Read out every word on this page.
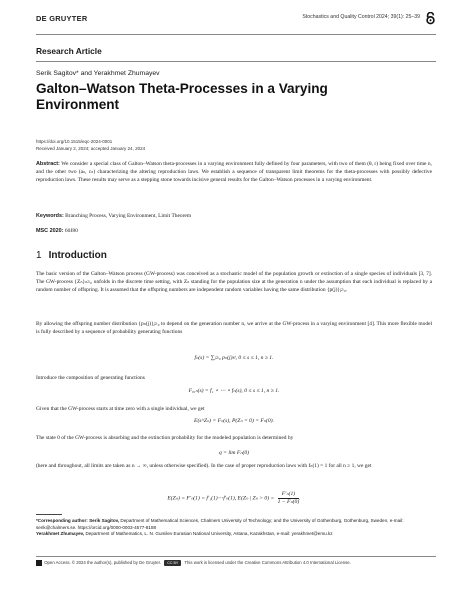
DE GRUYTER	Stochastics and Quality Control 2024; 39(1): 25–39
Research Article
Serik Sagitov* and Yerakhmet Zhumayev
Galton–Watson Theta-Processes in a Varying
Environment
https://doi.org/10.1515/eqc-2024-0001
Received January 2, 2024; accepted January 24, 2024
Abstract: We consider a special class of Galton–Watson theta-processes in a varying environment fully defined by four parameters, with two of them (θ, r) being fixed over time n, and the other two (aₙ, cₙ) characterizing the altering reproduction laws. We establish a sequence of transparent limit theorems for the theta-processes with possibly defective reproduction laws. These results may serve as a stepping stone towards incisive general results for the Galton–Watson processes in a varying environment.
Keywords: Branching Process, Varying Environment, Limit Theorem
MSC 2020: 60J80
1 Introduction
The basic version of the Galton–Watson process (GW-process) was conceived as a stochastic model of the population growth or extinction of a single species of individuals [3, 7]. The GW-process {Zₙ}ₙ≥₀ unfolds in the discrete time setting, with Zₙ standing for the population size at the generation n under the assumption that each individual is replaced by a random number of offspring. It is assumed that the offspring numbers are independent random variables having the same distribution {p(j)}ⱼ≥₀.
By allowing the offspring number distribution {pₙ(j)}ⱼ≥₀ to depend on the generation number n, we arrive at the GW-process in a varying environment [4]. This more flexible model is fully described by a sequence of probability generating functions
fₙ(s) = ∑ⱼ≥₀ pₙ(j)sʲ, 0 ≤ s ≤ 1, n ≥ 1.
Introduce the composition of generating functions
F₀,ₙ(s) = f₁ ∘ ⋯ ∘ fₙ(s), 0 ≤ s ≤ 1, n ≥ 1.
Given that the GW-process starts at time zero with a single individual, we get
E(s^Zₙ) = Fₙ(s), P(Zₙ = 0) = Fₙ(0).
The state 0 of the GW-process is absorbing and the extinction probability for the modeled population is determined by
q = lim Fₙ(0)
(here and throughout, all limits are taken as n → ∞, unless otherwise specified). In the case of proper reproduction laws with fₙ(1) = 1 for all n ≥ 1, we get
E(Zₙ) = F′ₙ(1) = f′₁(1)⋯f′ₙ(1), E(Zₙ | $Z_n > 0) = \frac{\text{F′ₙ(1)}}{\text{1 − Fₙ(0)}}$ .
*Corresponding author: Serik Sagitov, Department of Mathematical Sciences, Chalmers University of Technology; and the University of Gothenburg, Gothenburg, Sweden, e-mail: serik@chalmers.se. https://orcid.org/0000-0003-4577-8188
Yerakhmet Zhumayev, Department of Mathematics, L. N. Gumilev Eurasian National University, Astana, Kazakhstan, e-mail: yerakhmet@emu.kz
Open Access. © 2024 the author(s), published by De Gruyter. CC BY This work is licensed under the Creative Commons Attribution 4.0 International License.
